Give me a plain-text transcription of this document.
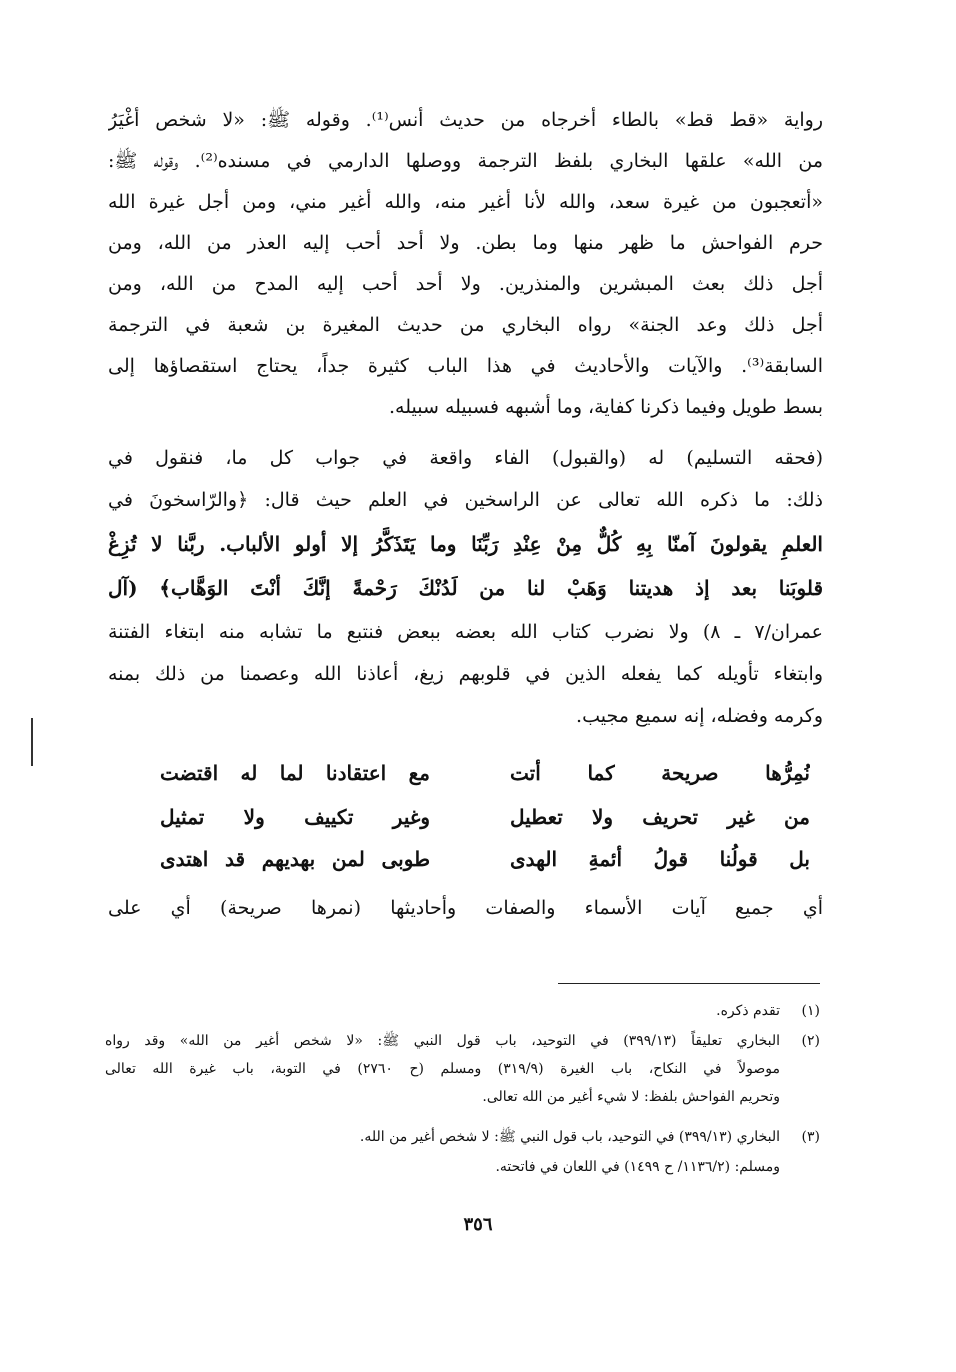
رواية «قط قط» بالطاء أخرجاه من حديث أنس⁽¹⁾. وقوله ﷺ: «لا شخص أغْيَرُ
من الله» علقها البخاري بلفظ الترجمة ووصلها الدارمي في مسنده⁽²⁾. وقوله ﷺ:
«أتعجبون من غيرة سعد، والله لأنا أغير منه، والله أغير مني، ومن أجل غيرة الله
حرم الفواحش ما ظهر منها وما بطن. ولا أحد أحب إليه العذر من الله، ومن
أجل ذلك بعث المبشرين والمنذرين. ولا أحد أحب إليه المدح من الله، ومن
أجل ذلك وعد الجنة» رواه البخاري من حديث المغيرة بن شعبة في الترجمة
السابقة⁽³⁾. والآيات والأحاديث في هذا الباب كثيرة جداً، يحتاج استقصاؤها إلى
بسط طويل وفيما ذكرنا كفاية، وما أشبهه فسبيله سبيله.
(فحقه التسليم) له (والقبول) الفاء واقعة في جواب كل ما، فنقول في
ذلك: ما ذكره الله تعالى عن الراسخين في العلم حيث قال: ﴿والرّاسخونَ في
العلمِ يقولونَ آمنّا بِهِ كُلٌّ مِنْ عِنْدِ رَبِّنَا وما يَتَذَكَّرُ إلا أولو الألباب. ربَّنا لا تُزِغْ
قلوبَنا بعد إذ هديتنا وَهَبْ لنا من لَدُنْكَ رَحْمةً إنَّكَ أنْتَ الوَهَّاب﴾ (آل
عمران/٧ ـ ٨) ولا نضرب كتاب الله بعضه ببعض فنتبع ما تشابه منه ابتغاء الفتنة
وابتغاء تأويله كما يفعله الذين في قلوبهم زيغ، أعاذنا الله وعصمنا من ذلك بمنه
وكرمه وفضله، إنه سميع مجيب.
نُمِرُّها صريحة كما أتت
مع اعتقادنا لما له اقتضت
من غير تحريف ولا تعطيل
وغير تكييف ولا تمثيل
بل قولُنا قولُ أئمةِ الهدى
طوبى لمن بهديهم قد اهتدى
أي جميع آيات الأسماء والصفات وأحاديثها (نمرها صريحة) أي على
(١)
تقدم ذكره.
(٢)
البخاري تعليقاً (٣٩٩/١٣) في التوحيد، باب قول النبي ﷺ: «لا شخص أغير من الله» وقد رواه
موصولاً في النكاح، باب الغيرة (٣١٩/٩) ومسلم (ح ٢٧٦٠) في التوبة، باب غيرة الله تعالى
وتحريم الفواحش بلفظ: لا شيء أغير من الله تعالى.
(٣)
البخاري (٣٩٩/١٣) في التوحيد، باب قول النبي ﷺ: لا شخص أغير من الله.
ومسلم: (١١٣٦/٢/ ح ١٤٩٩) في اللعان في فاتحته.
٣٥٦
